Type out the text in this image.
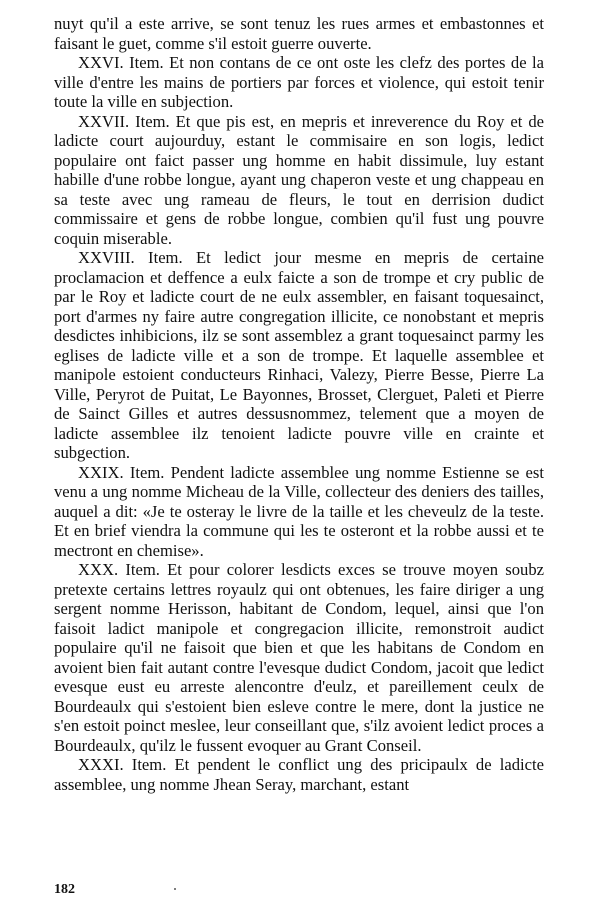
nuyt qu'il a este arrive, se sont tenuz les rues armes et embastonnes et faisant le guet, comme s'il estoit guerre ouverte.

XXVI. Item. Et non contans de ce ont oste les clefz des portes de la ville d'entre les mains de portiers par forces et violence, qui estoit tenir toute la ville en subjection.

XXVII. Item. Et que pis est, en mepris et inreverence du Roy et de ladicte court aujourduy, estant le commisaire en son logis, ledict populaire ont faict passer ung homme en habit dissimule, luy estant habille d'une robbe longue, ayant ung chaperon veste et ung chappeau en sa teste avec ung rameau de fleurs, le tout en derrision dudict commissaire et gens de robbe longue, combien qu'il fust ung pouvre coquin miserable.

XXVIII. Item. Et ledict jour mesme en mepris de certaine proclamacion et deffence a eulx faicte a son de trompe et cry public de par le Roy et ladicte court de ne eulx assembler, en faisant toquesainct, port d'armes ny faire autre congregation illicite, ce nonobstant et mepris desdictes inhibicions, ilz se sont assemblez a grant toquesainct parmy les eglises de ladicte ville et a son de trompe. Et laquelle assemblee et manipole estoient conducteurs Rinhaci, Valezy, Pierre Besse, Pierre La Ville, Peryrot de Puitat, Le Bayonnes, Brosset, Clerguet, Paleti et Pierre de Sainct Gilles et autres dessusnommez, telement que a moyen de ladicte assemblee ilz tenoient ladicte pouvre ville en crainte et subgection.

XXIX. Item. Pendent ladicte assemblee ung nomme Estienne se est venu a ung nomme Micheau de la Ville, collecteur des deniers des tailles, auquel a dit: «Je te osteray le livre de la taille et les cheveulz de la teste. Et en brief viendra la commune qui les te osteront et la robbe aussi et te mectront en chemise».

XXX. Item. Et pour colorer lesdicts exces se trouve moyen soubz pretexte certains lettres royaulz qui ont obtenues, les faire diriger a ung sergent nomme Herisson, habitant de Condom, lequel, ainsi que l'on faisoit ladict manipole et congregacion illicite, remonstroit audict populaire qu'il ne faisoit que bien et que les habitans de Condom en avoient bien fait autant contre l'evesque dudict Condom, jacoit que ledict evesque eust eu arreste alencontre d'eulz, et pareillement ceulx de Bourdeaulx qui s'estoient bien esleve contre le mere, dont la justice ne s'en estoit poinct meslee, leur conseillant que, s'ilz avoient ledict proces a Bourdeaulx, qu'ilz le fussent evoquer au Grant Conseil.

XXXI. Item. Et pendent le conflict ung des pricipaulx de ladicte assemblee, ung nomme Jhean Seray, marchant, estant

182
